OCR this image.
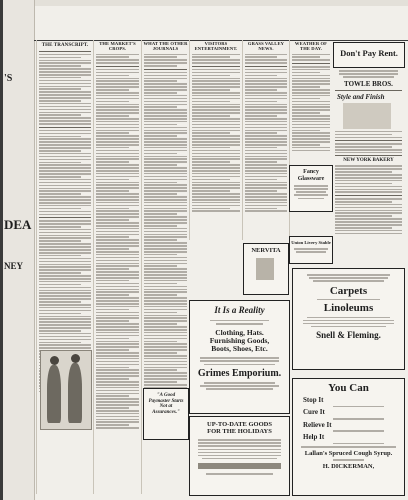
'S
DEA
NEY
THE TRANSCRIPT.	THE MARKET'S CROPS.
WHAT THE OTHER JOURNALS
"A Good Paymaster Starts Not at Assurances."
VISITORS ENTERTAINMENT.
GRASS VALLEY NEWS.
NERVITA
It Is a Reality
Clothing, Hats.
Furnishing Goods,
Boots, Shoes, Etc.
Grimes Emporium.
UP-TO-DATE GOODS
FOR THE HOLIDAYS
WEATHER OF THE DAY.
Fancy Glassware
Union Livery Stable
Don't Pay Rent.
TOWLE BROS.
Style and Finish
NEW YORK BAKERY
Carpets
Linoleums
Snell & Fleming.
You Can
Stop It
Cure It
Relieve It
Help It
Lallan's Spruced Cough Syrup.
H. DICKERMAN,
